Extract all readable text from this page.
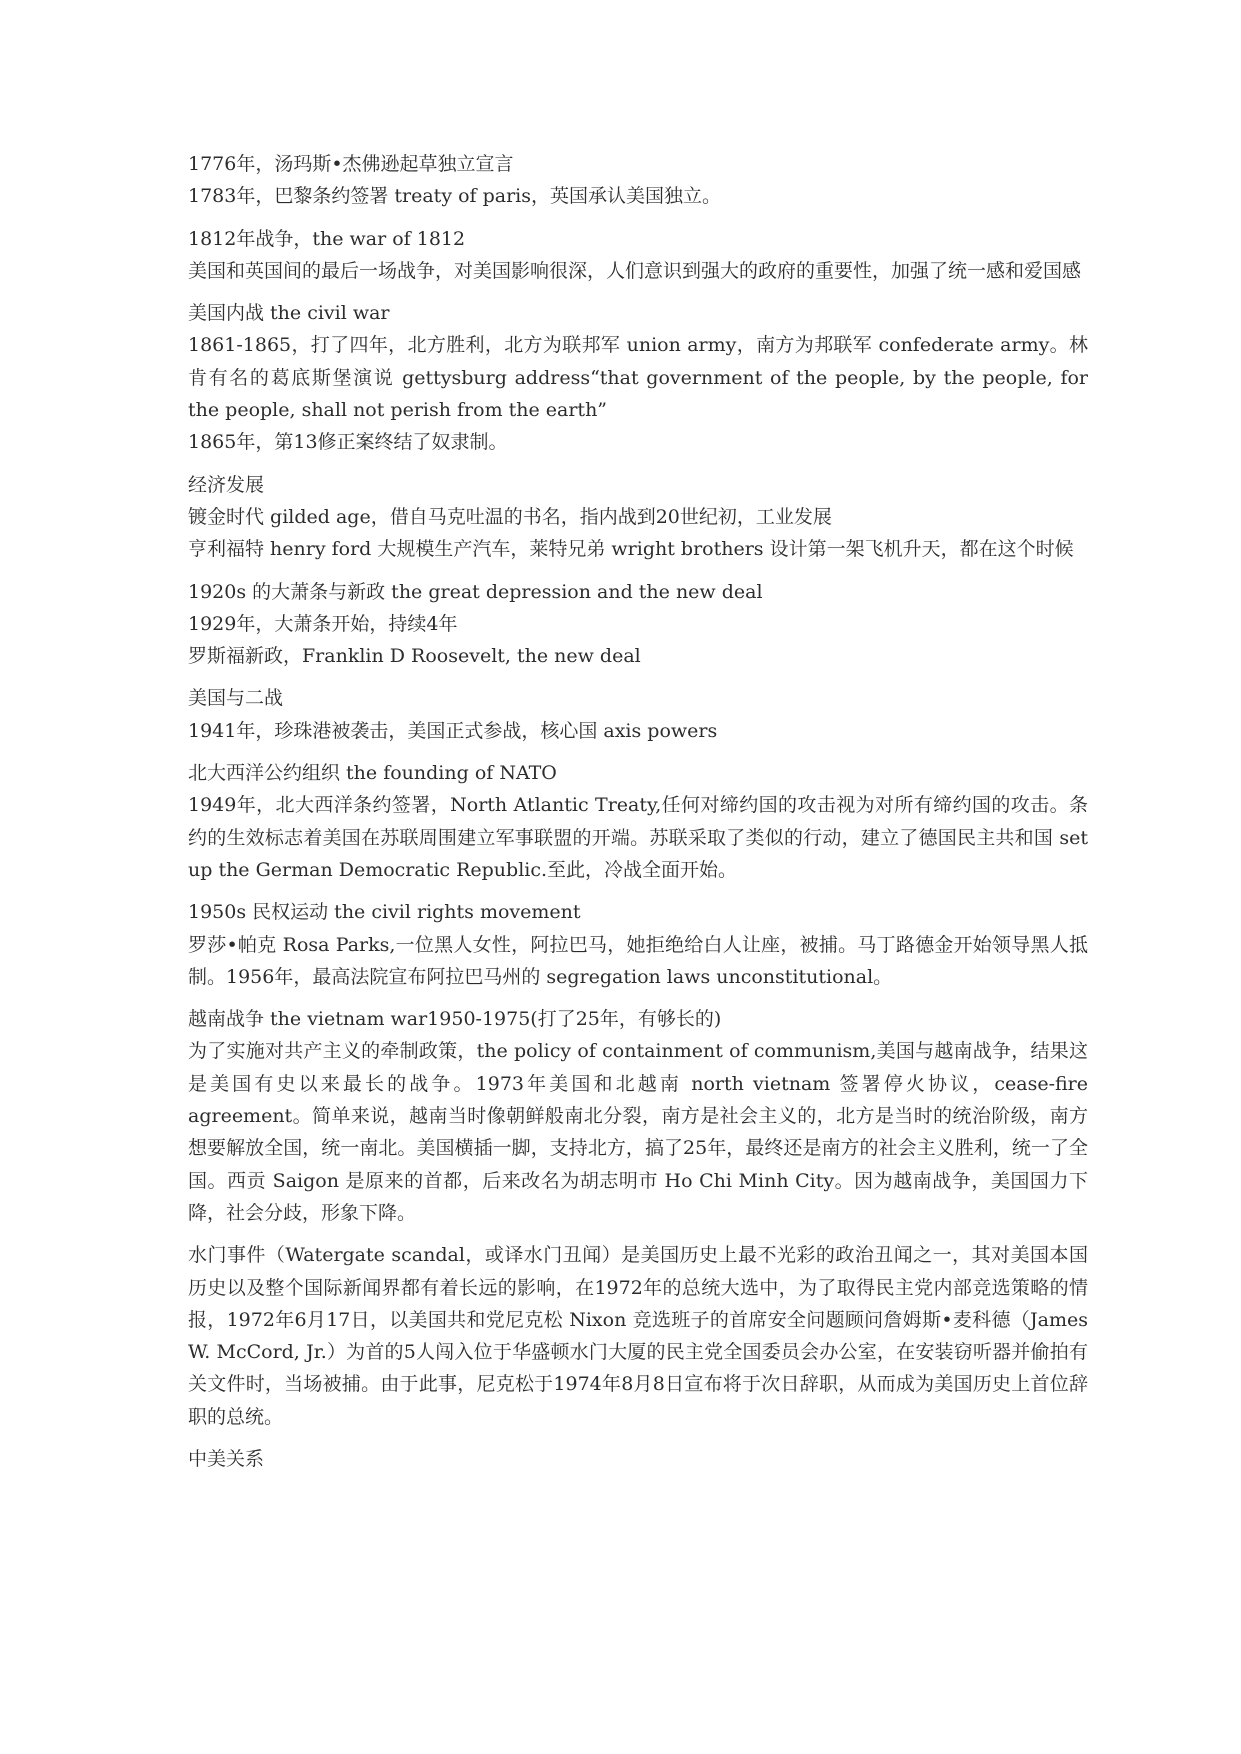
1776年，汤玛斯•杰佛逊起草独立宣言

1783年，巴黎条约签署 treaty of paris，英国承认美国独立。

1812年战争，the war of 1812

美国和英国间的最后一场战争，对美国影响很深，人们意识到强大的政府的重要性，加强了统一感和爱国感

美国内战 the civil war

1861-1865，打了四年，北方胜利，北方为联邦军 union army，南方为邦联军 confederate army。林肯有名的葛底斯堡演说 gettysburg address“that government of the people, by the people, for the people, shall not perish from the earth”

1865年，第13修正案终结了奴隶制。

经济发展

镀金时代 gilded age，借自马克吐温的书名，指内战到20世纪初，工业发展

亨利福特 henry ford 大规模生产汽车，莱特兄弟 wright brothers 设计第一架飞机升天，都在这个时候

1920s 的大萧条与新政 the great depression and the new deal

1929年，大萧条开始，持续4年

罗斯福新政，Franklin D Roosevelt, the new deal

美国与二战

1941年，珍珠港被袭击，美国正式参战，核心国 axis powers

北大西洋公约组织 the founding of NATO

1949年，北大西洋条约签署，North Atlantic Treaty,任何对缔约国的攻击视为对所有缔约国的攻击。条约的生效标志着美国在苏联周围建立军事联盟的开端。苏联采取了类似的行动，建立了德国民主共和国 set up the German Democratic Republic.至此，冷战全面开始。

1950s 民权运动 the civil rights movement

罗莎•帕克 Rosa Parks,一位黑人女性，阿拉巴马，她拒绝给白人让座，被捕。马丁路德金开始领导黑人抵制。1956年，最高法院宣布阿拉巴马州的 segregation laws unconstitutional。

越南战争 the vietnam war1950-1975(打了25年，有够长的)

为了实施对共产主义的牵制政策，the policy of containment of communism,美国与越南战争，结果这是美国有史以来最长的战争。1973年美国和北越南 north vietnam 签署停火协议，cease-fire agreement。简单来说，越南当时像朝鲜般南北分裂，南方是社会主义的，北方是当时的统治阶级，南方想要解放全国，统一南北。美国横插一脚，支持北方，搞了25年，最终还是南方的社会主义胜利，统一了全国。西贡 Saigon 是原来的首都，后来改名为胡志明市 Ho Chi Minh City。因为越南战争，美国国力下降，社会分歧，形象下降。

水门事件（Watergate scandal，或译水门丑闻）是美国历史上最不光彩的政治丑闻之一，其对美国本国历史以及整个国际新闻界都有着长远的影响，在1972年的总统大选中，为了取得民主党内部竞选策略的情报，1972年6月17日，以美国共和党尼克松 Nixon 竞选班子的首席安全问题顾问詹姆斯•麦科德（James W. McCord, Jr.）为首的5人闯入位于华盛顿水门大厦的民主党全国委员会办公室，在安装窃听器并偷拍有关文件时，当场被捕。由于此事，尼克松于1974年8月8日宣布将于次日辞职，从而成为美国历史上首位辞职的总统。

中美关系
